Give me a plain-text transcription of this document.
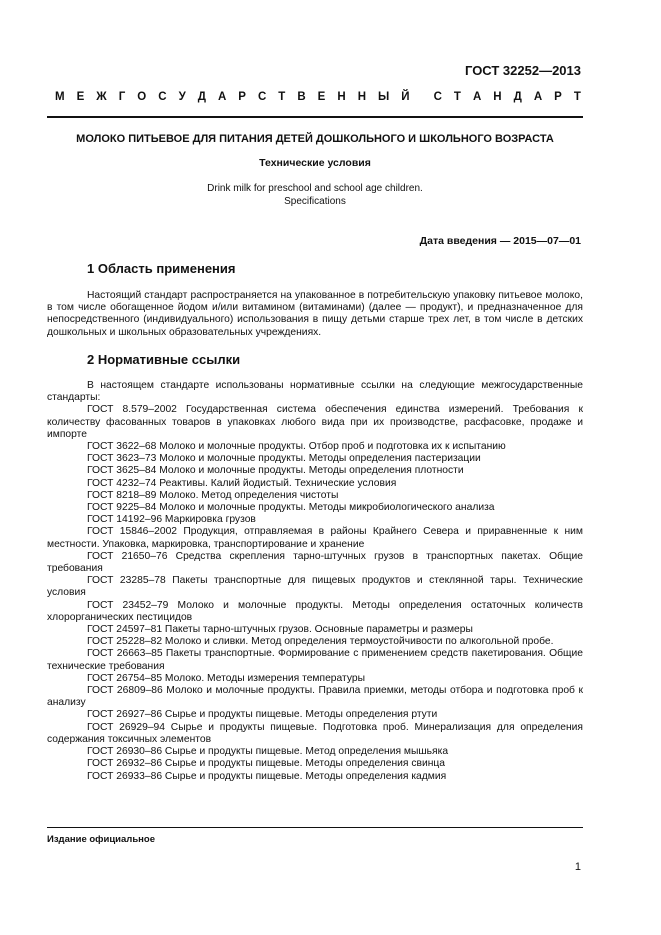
ГОСТ 32252—2013
М Е Ж Г О С У Д А Р С Т В Е Н Н Ы Й С Т А Н Д А Р Т
МОЛОКО ПИТЬЕВОЕ ДЛЯ ПИТАНИЯ ДЕТЕЙ ДОШКОЛЬНОГО И ШКОЛЬНОГО ВОЗРАСТА
Технические условия
Drink milk for preschool and school age children.
Specifications
Дата введения — 2015—07—01
1 Область применения

Настоящий стандарт распространяется на упакованное в потребительскую упаковку питьевое молоко, в том числе обогащенное йодом и/или витамином (витаминами) (далее — продукт), и предназначенное для непосредственного (индивидуального) использования в пищу детьми старше трех лет, в том числе в детских дошкольных и школьных образовательных учреждениях.

2 Нормативные ссылки

В настоящем стандарте использованы нормативные ссылки на следующие межгосударственные стандарты:

ГОСТ 8.579–2002 Государственная система обеспечения единства измерений. Требования к количеству фасованных товаров в упаковках любого вида при их производстве, расфасовке, продаже и импорте

ГОСТ 3622–68 Молоко и молочные продукты. Отбор проб и подготовка их к испытанию

ГОСТ 3623–73 Молоко и молочные продукты. Методы определения пастеризации

ГОСТ 3625–84 Молоко и молочные продукты. Методы определения плотности

ГОСТ 4232–74 Реактивы. Калий йодистый. Технические условия

ГОСТ 8218–89 Молоко. Метод определения чистоты

ГОСТ 9225–84 Молоко и молочные продукты. Методы микробиологического анализа

ГОСТ 14192–96 Маркировка грузов

ГОСТ 15846–2002 Продукция, отправляемая в районы Крайнего Севера и приравненные к ним местности. Упаковка, маркировка, транспортирование и хранение

ГОСТ 21650–76 Средства скрепления тарно-штучных грузов в транспортных пакетах. Общие требования

ГОСТ 23285–78 Пакеты транспортные для пищевых продуктов и стеклянной тары. Технические условия

ГОСТ 23452–79 Молоко и молочные продукты. Методы определения остаточных количеств хлорорганических пестицидов

ГОСТ 24597–81 Пакеты тарно-штучных грузов. Основные параметры и размеры

ГОСТ 25228–82 Молоко и сливки. Метод определения термоустойчивости по алкогольной пробе.

ГОСТ 26663–85 Пакеты транспортные. Формирование с применением средств пакетирования. Общие технические требования

ГОСТ 26754–85 Молоко. Методы измерения температуры

ГОСТ 26809–86 Молоко и молочные продукты. Правила приемки, методы отбора и подготовка проб к анализу

ГОСТ 26927–86 Сырье и продукты пищевые. Методы определения ртути

ГОСТ 26929–94 Сырье и продукты пищевые. Подготовка проб. Минерализация для определения содержания токсичных элементов

ГОСТ 26930–86 Сырье и продукты пищевые. Метод определения мышьяка

ГОСТ 26932–86 Сырье и продукты пищевые. Методы определения свинца

ГОСТ 26933–86 Сырье и продукты пищевые. Методы определения кадмия

Издание официальное
1
